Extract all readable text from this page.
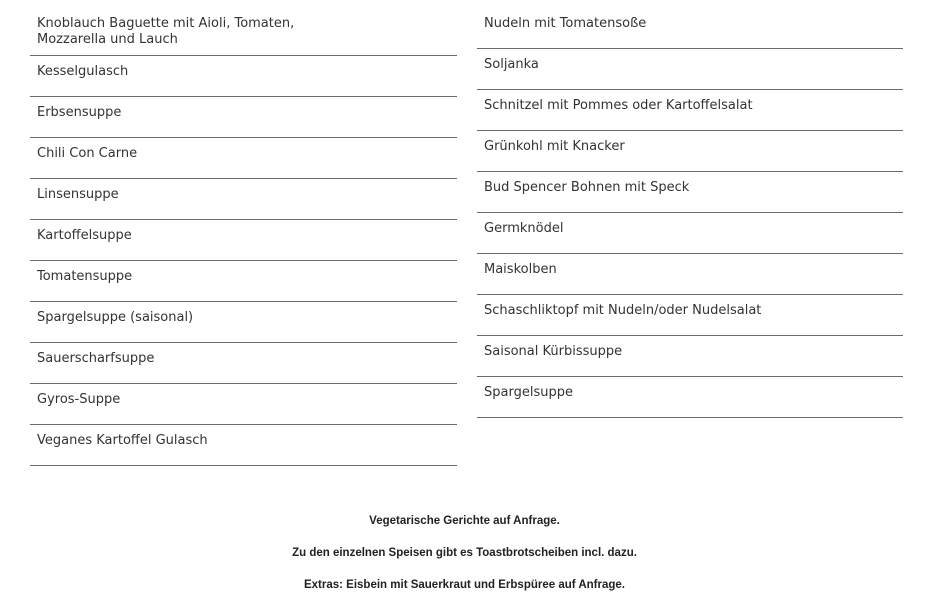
Knoblauch Baguette mit Aioli, Tomaten,
Mozzarella und Lauch
Kesselgulasch
Erbsensuppe
Chili Con Carne
Linsensuppe
Kartoffelsuppe
Tomatensuppe
Spargelsuppe (saisonal)
Sauerscharfsuppe
Gyros-Suppe
Veganes Kartoffel Gulasch
Nudeln mit Tomatensoße
Soljanka
Schnitzel mit Pommes oder Kartoffelsalat
Grünkohl mit Knacker
Bud Spencer Bohnen mit Speck
Germknödel
Maiskolben
Schaschliktopf mit Nudeln/oder Nudelsalat
Saisonal Kürbissuppe
Spargelsuppe

Vegetarische Gerichte auf Anfrage.

Zu den einzelnen Speisen gibt es Toastbrotscheiben incl. dazu.

Extras: Eisbein mit Sauerkraut und Erbspüree auf Anfrage.
